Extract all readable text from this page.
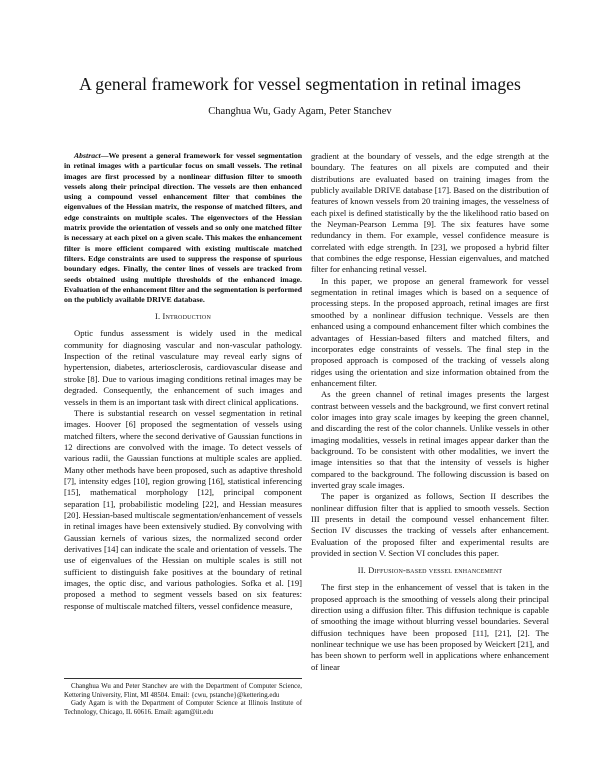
A general framework for vessel segmentation in retinal images
Changhua Wu, Gady Agam, Peter Stanchev

Abstract—We present a general framework for vessel segmentation in retinal images with a particular focus on small vessels. The retinal images are first processed by a nonlinear diffusion filter to smooth vessels along their principal direction. The vessels are then enhanced using a compound vessel enhancement filter that combines the eigenvalues of the Hessian matrix, the response of matched filters, and edge constraints on multiple scales. The eigenvectors of the Hessian matrix provide the orientation of vessels and so only one matched filter is necessary at each pixel on a given scale. This makes the enhancement filter is more efficient compared with existing multiscale matched filters. Edge constraints are used to suppress the response of spurious boundary edges. Finally, the center lines of vessels are tracked from seeds obtained using multiple thresholds of the enhanced image. Evaluation of the enhancement filter and the segmentation is performed on the publicly available DRIVE database.

I. Introduction

Optic fundus assessment is widely used in the medical community for diagnosing vascular and non-vascular pathology. Inspection of the retinal vasculature may reveal early signs of hypertension, diabetes, arteriosclerosis, cardiovascular disease and stroke [8]. Due to various imaging conditions retinal images may be degraded. Consequently, the enhancement of such images and vessels in them is an important task with direct clinical applications.

There is substantial research on vessel segmentation in retinal images. Hoover [6] proposed the segmentation of vessels using matched filters, where the second derivative of Gaussian functions in 12 directions are convolved with the image. To detect vessels of various radii, the Gaussian functions at multiple scales are applied. Many other methods have been proposed, such as adaptive threshold [7], intensity edges [10], region growing [16], statistical inferencing [15], mathematical morphology [12], principal component separation [1], probabilistic modeling [22], and Hessian measures [20]. Hessian-based multiscale segmentation/enhancement of vessels in retinal images have been extensively studied. By convolving with Gaussian kernels of various sizes, the normalized second order derivatives [14] can indicate the scale and orientation of vessels. The use of eigenvalues of the Hessian on multiple scales is still not sufficient to distinguish fake positives at the boundary of retinal images, the optic disc, and various pathologies. Sofka et al. [19] proposed a method to segment vessels based on six features: response of multiscale matched filters, vessel confidence measure,

Changhua Wu and Peter Stanchev are with the Department of Computer Science, Kettering University, Flint, MI 48504. Email: {cwu, pstanche}@kettering.edu

Gady Agam is with the Department of Computer Science at Illinois Institute of Technology, Chicago, IL 60616. Email: agam@iit.edu

gradient at the boundary of vessels, and the edge strength at the boundary. The features on all pixels are computed and their distributions are evaluated based on training images from the publicly available DRIVE database [17]. Based on the distribution of features of known vessels from 20 training images, the vesselness of each pixel is defined statistically by the the likelihood ratio based on the Neyman-Pearson Lemma [9]. The six features have some redundancy in them. For example, vessel confidence measure is correlated with edge strength. In [23], we proposed a hybrid filter that combines the edge response, Hessian eigenvalues, and matched filter for enhancing retinal vessel.

In this paper, we propose an general framework for vessel segmentation in retinal images which is based on a sequence of processing steps. In the proposed approach, retinal images are first smoothed by a nonlinear diffusion technique. Vessels are then enhanced using a compound enhancement filter which combines the advantages of Hessian-based filters and matched filters, and incorporates edge constraints of vessels. The final step in the proposed approach is composed of the tracking of vessels along ridges using the orientation and size information obtained from the enhancement filter.

As the green channel of retinal images presents the largest contrast between vessels and the background, we first convert retinal color images into gray scale images by keeping the green channel, and discarding the rest of the color channels. Unlike vessels in other imaging modalities, vessels in retinal images appear darker than the background. To be consistent with other modalities, we invert the image intensities so that that the intensity of vessels is higher compared to the background. The following discussion is based on inverted gray scale images.

The paper is organized as follows, Section II describes the nonlinear diffusion filter that is applied to smooth vessels. Section III presents in detail the compound vessel enhancement filter. Section IV discusses the tracking of vessels after enhancement. Evaluation of the proposed filter and experimental results are provided in section V. Section VI concludes this paper.

II. Diffusion-based vessel enhancement

The first step in the enhancement of vessel that is taken in the proposed approach is the smoothing of vessels along their principal direction using a diffusion filter. This diffusion technique is capable of smoothing the image without blurring vessel boundaries. Several diffusion techniques have been proposed [11], [21], [2]. The nonlinear technique we use has been proposed by Weickert [21], and has been shown to perform well in applications where enhancement of linear
